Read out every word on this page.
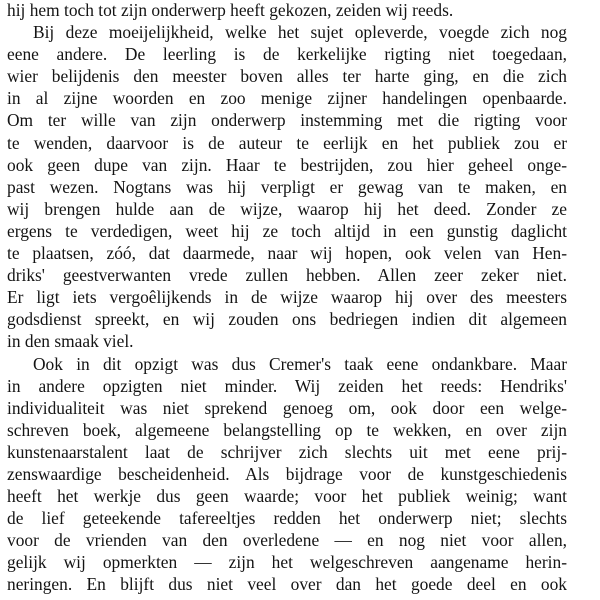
hij hem toch tot zijn onderwerp heeft gekozen, zeiden wij reeds.
Bij deze moeijelijkheid, welke het sujet opleverde, voegde zich nog
eene andere. De leerling is de kerkelijke rigting niet toegedaan,
wier belijdenis den meester boven alles ter harte ging, en die zich
in al zijne woorden en zoo menige zijner handelingen openbaarde.
Om ter wille van zijn onderwerp instemming met die rigting voor
te wenden, daarvoor is de auteur te eerlijk en het publiek zou er
ook geen dupe van zijn. Haar te bestrijden, zou hier geheel onge-
past wezen. Nogtans was hij verpligt er gewag van te maken, en
wij brengen hulde aan de wijze, waarop hij het deed. Zonder ze
ergens te verdedigen, weet hij ze toch altijd in een gunstig daglicht
te plaatsen, zóó, dat daarmede, naar wij hopen, ook velen van Hen-
driks' geestverwanten vrede zullen hebben. Allen zeer zeker niet.
Er ligt iets vergoêlijkends in de wijze waarop hij over des meesters
godsdienst spreekt, en wij zouden ons bedriegen indien dit algemeen
in den smaak viel.
Ook in dit opzigt was dus Cremer's taak eene ondankbare. Maar
in andere opzigten niet minder. Wij zeiden het reeds: Hendriks'
individualiteit was niet sprekend genoeg om, ook door een welge-
schreven boek, algemeene belangstelling op te wekken, en over zijn
kunstenaarstalent laat de schrijver zich slechts uit met eene prij-
zenswaardige bescheidenheid. Als bijdrage voor de kunstgeschiedenis
heeft het werkje dus geen waarde; voor het publiek weinig; want
de lief geteekende tafereeltjes redden het onderwerp niet; slechts
voor de vrienden van den overledene — en nog niet voor allen,
gelijk wij opmerkten — zijn het welgeschreven aangename herin-
neringen. En blijft dus niet veel over dan het goede deel en ook
